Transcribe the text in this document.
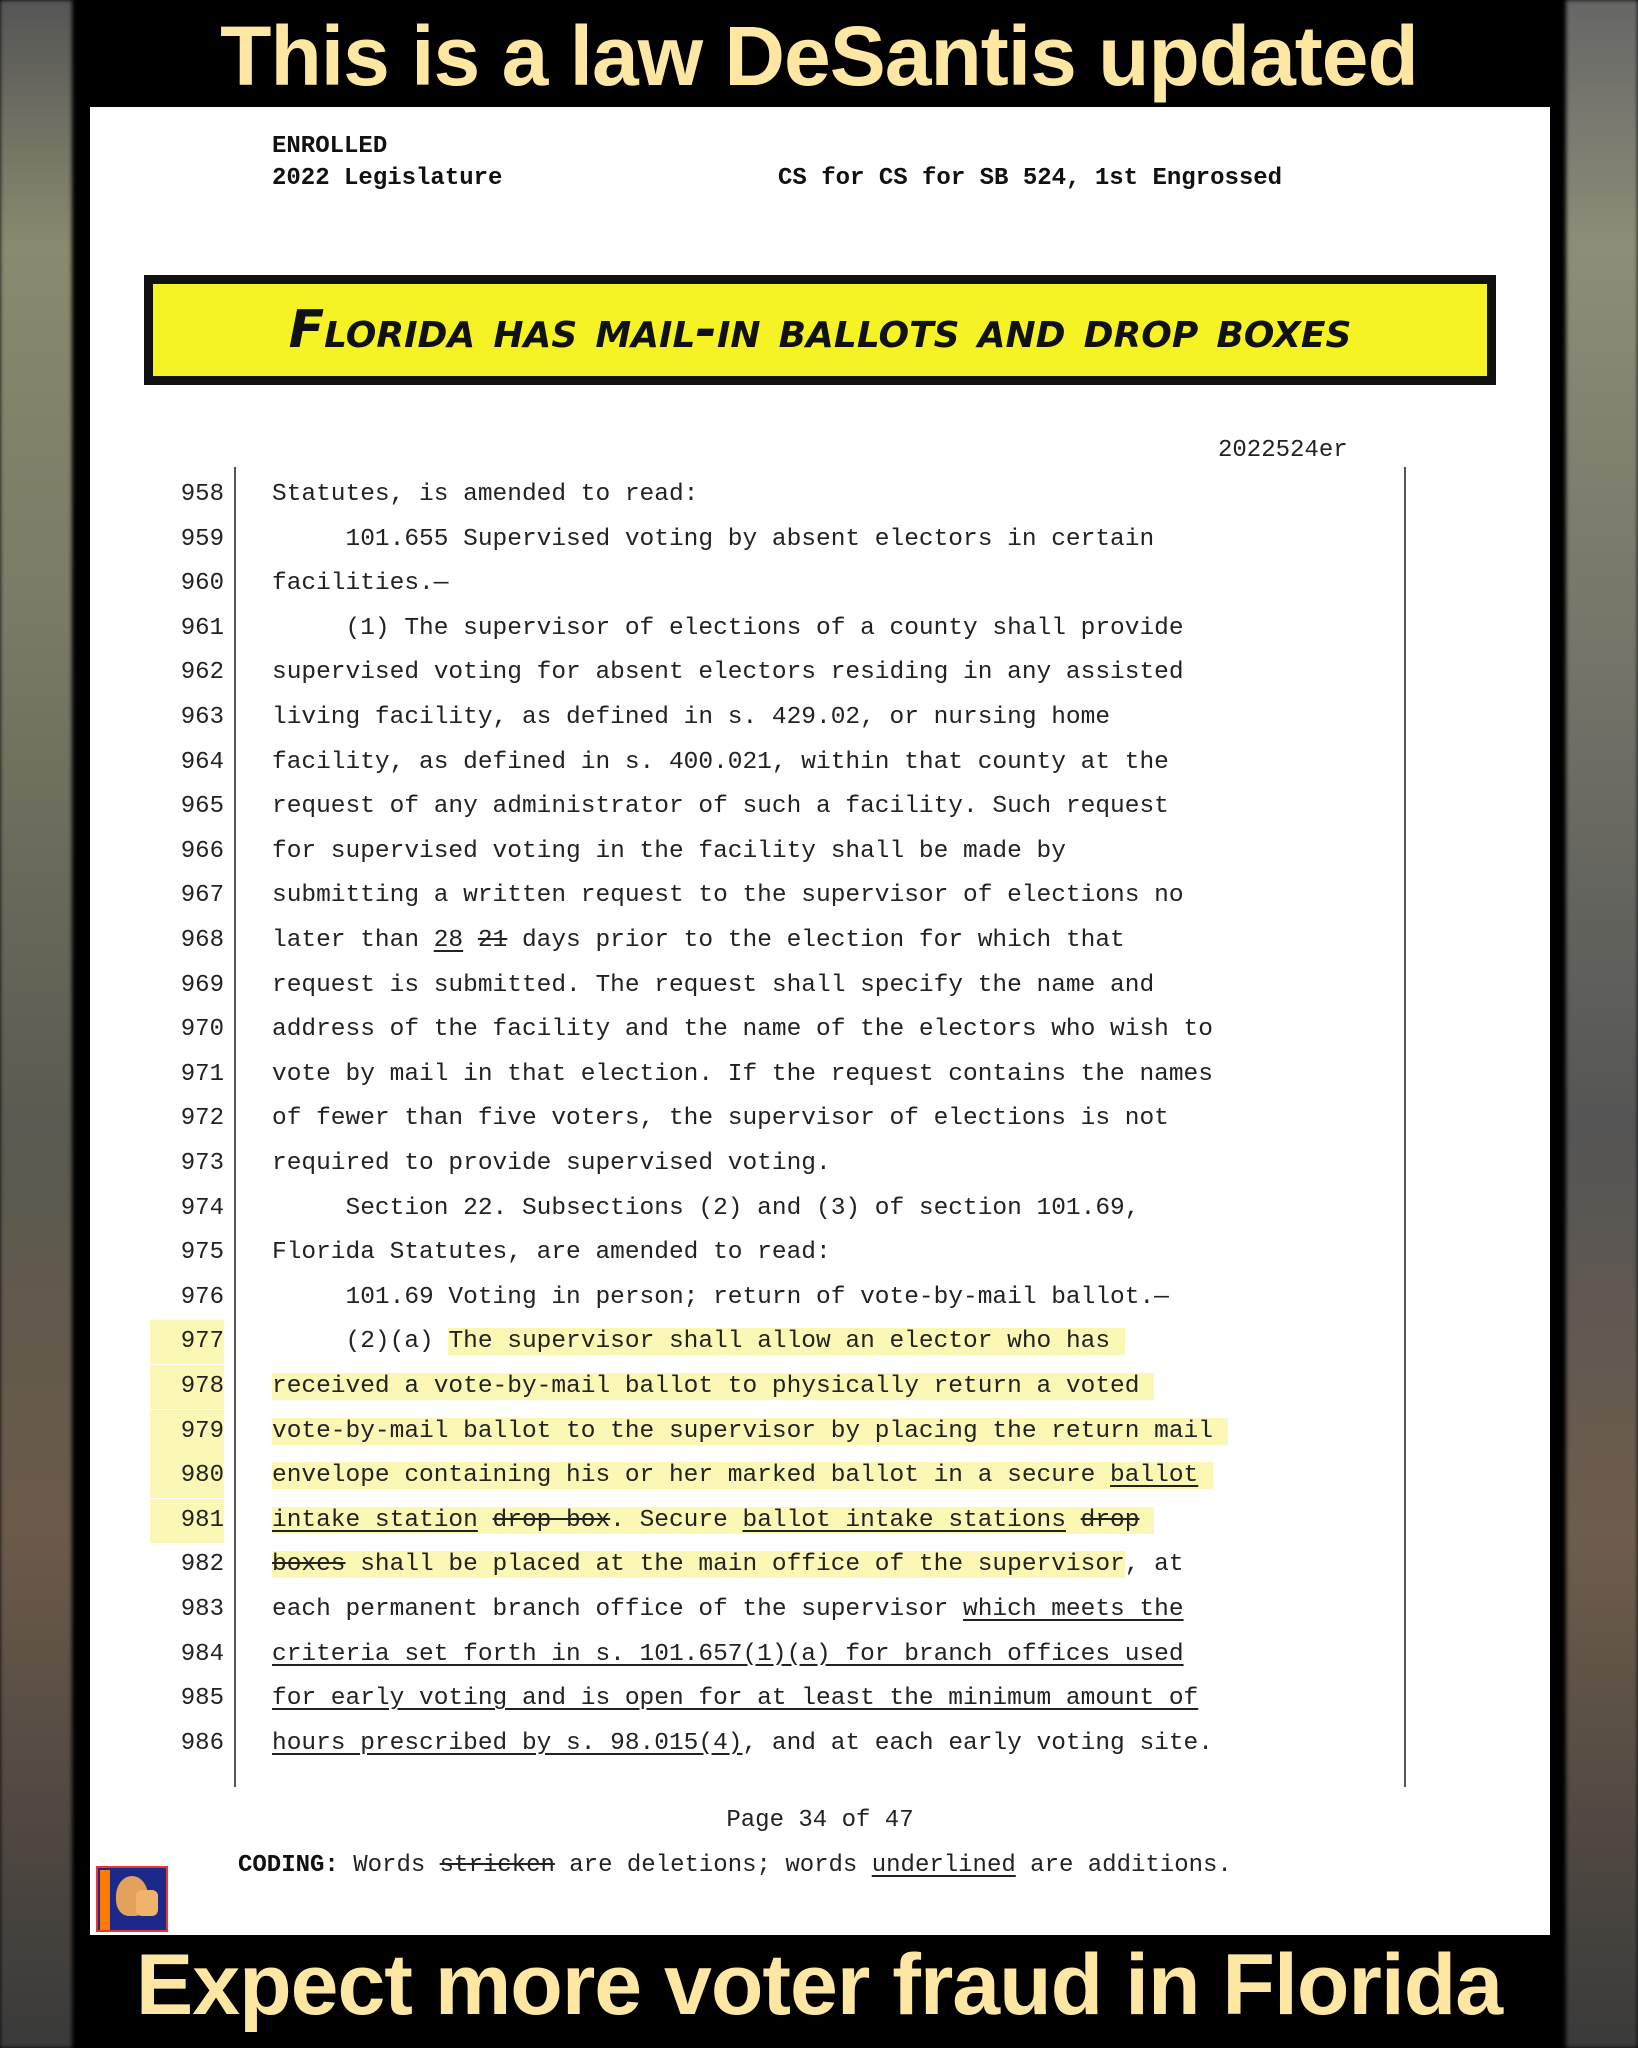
This is a law DeSantis updated
ENROLLED
2022 Legislature	CS for CS for SB 524, 1st Engrossed
Florida has mail-in ballots and drop boxes
2022524er
958 Statutes, is amended to read:
959 101.655 Supervised voting by absent electors in certain
960 facilities.—
961 (1) The supervisor of elections of a county shall provide
962 supervised voting for absent electors residing in any assisted
963 living facility, as defined in s. 429.02, or nursing home
964 facility, as defined in s. 400.021, within that county at the
965 request of any administrator of such a facility. Such request
966 for supervised voting in the facility shall be made by
967 submitting a written request to the supervisor of elections no
968 later than 28 21 days prior to the election for which that
969 request is submitted. The request shall specify the name and
970 address of the facility and the name of the electors who wish to
971 vote by mail in that election. If the request contains the names
972 of fewer than five voters, the supervisor of elections is not
973 required to provide supervised voting.
974 Section 22. Subsections (2) and (3) of section 101.69,
975 Florida Statutes, are amended to read:
976 101.69 Voting in person; return of vote-by-mail ballot.—
977 (2)(a) The supervisor shall allow an elector who has
978 received a vote-by-mail ballot to physically return a voted
979 vote-by-mail ballot to the supervisor by placing the return mail
980 envelope containing his or her marked ballot in a secure ballot
981 intake station drop box. Secure ballot intake stations drop
982 boxes shall be placed at the main office of the supervisor, at
983 each permanent branch office of the supervisor which meets the
984 criteria set forth in s. 101.657(1)(a) for branch offices used
985 for early voting and is open for at least the minimum amount of
986 hours prescribed by s. 98.015(4), and at each early voting site.
Page 34 of 47
CODING: Words stricken are deletions; words underlined are additions.
Expect more voter fraud in Florida
